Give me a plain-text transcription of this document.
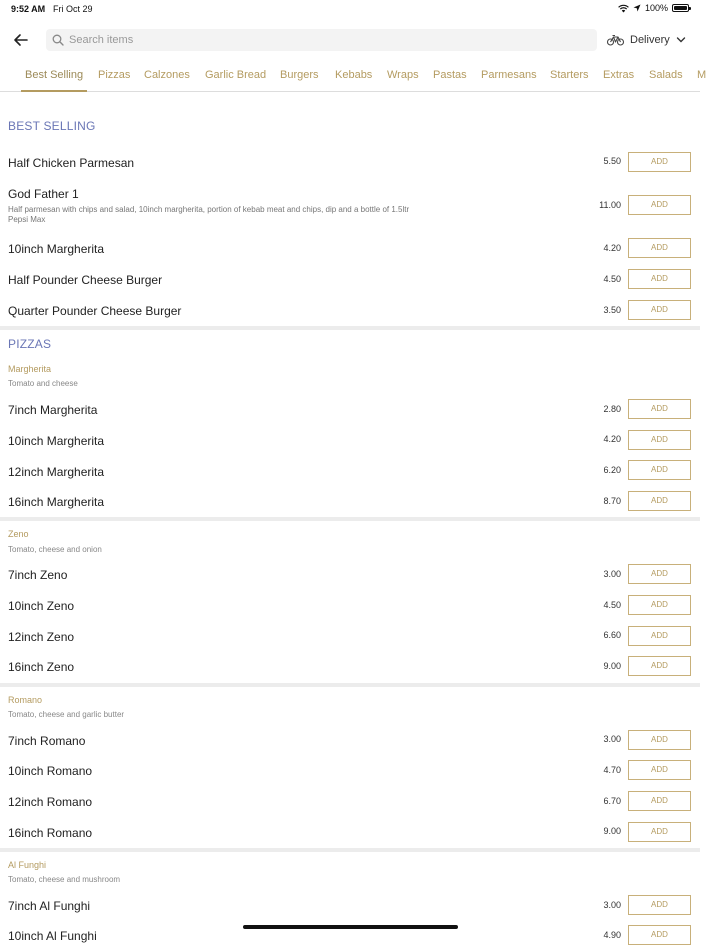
9:52 AM Fri Oct 29	100%
Search items
Delivery
Best Selling	Pizzas	Calzones	Garlic Bread	Burgers	Kebabs	Wraps	Pastas	Parmesans	Starters	Extras	Salads	M
BEST SELLING
Half Chicken Parmesan	5.50	ADD
God Father 1
Half parmesan with chips and salad, 10inch margherita, portion of kebab meat and chips, dip and a bottle of 1.5ltr Pepsi Max
11.00	ADD
10inch Margherita	4.20	ADD
Half Pounder Cheese Burger	4.50	ADD
Quarter Pounder Cheese Burger	3.50	ADD
PIZZAS
Margherita
Tomato and cheese
7inch Margherita	2.80	ADD
10inch Margherita	4.20	ADD
12inch Margherita	6.20	ADD
16inch Margherita	8.70	ADD
Zeno
Tomato, cheese and onion
7inch Zeno	3.00	ADD
10inch Zeno	4.50	ADD
12inch Zeno	6.60	ADD
16inch Zeno	9.00	ADD
Romano
Tomato, cheese and garlic butter
7inch Romano	3.00	ADD
10inch Romano	4.70	ADD
12inch Romano	6.70	ADD
16inch Romano	9.00	ADD
Al Funghi
Tomato, cheese and mushroom
7inch Al Funghi	3.00	ADD
10inch Al Funghi	4.90	ADD
